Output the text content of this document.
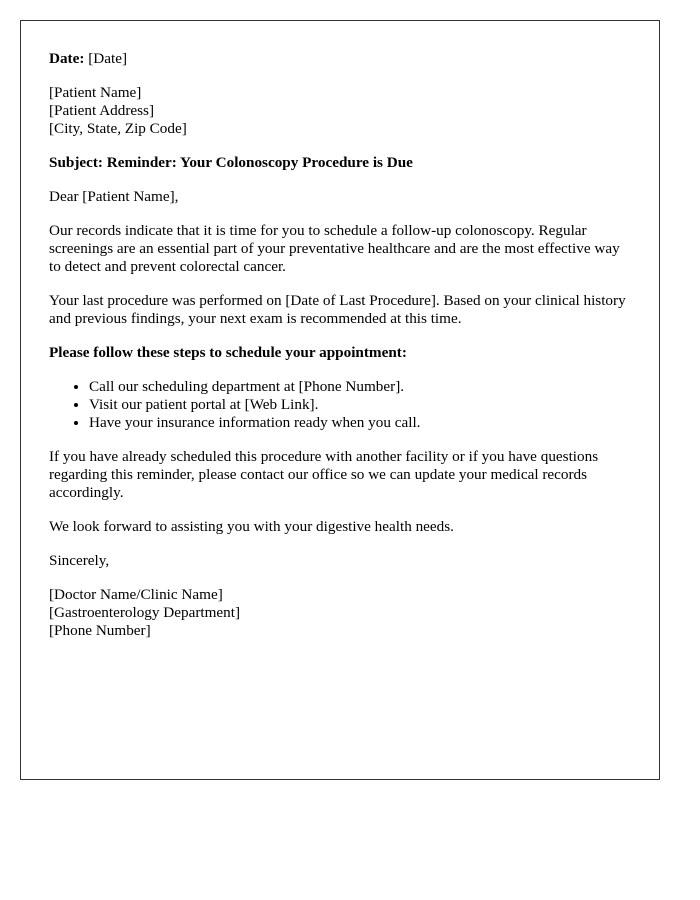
Date: [Date]

[Patient Name]
[Patient Address]
[City, State, Zip Code]

Subject: Reminder: Your Colonoscopy Procedure is Due

Dear [Patient Name],

Our records indicate that it is time for you to schedule a follow-up colonoscopy. Regular screenings are an essential part of your preventative healthcare and are the most effective way to detect and prevent colorectal cancer.

Your last procedure was performed on [Date of Last Procedure]. Based on your clinical history and previous findings, your next exam is recommended at this time.

Please follow these steps to schedule your appointment:

• Call our scheduling department at [Phone Number].
• Visit our patient portal at [Web Link].
• Have your insurance information ready when you call.

If you have already scheduled this procedure with another facility or if you have questions regarding this reminder, please contact our office so we can update your medical records accordingly.

We look forward to assisting you with your digestive health needs.

Sincerely,

[Doctor Name/Clinic Name]
[Gastroenterology Department]
[Phone Number]
